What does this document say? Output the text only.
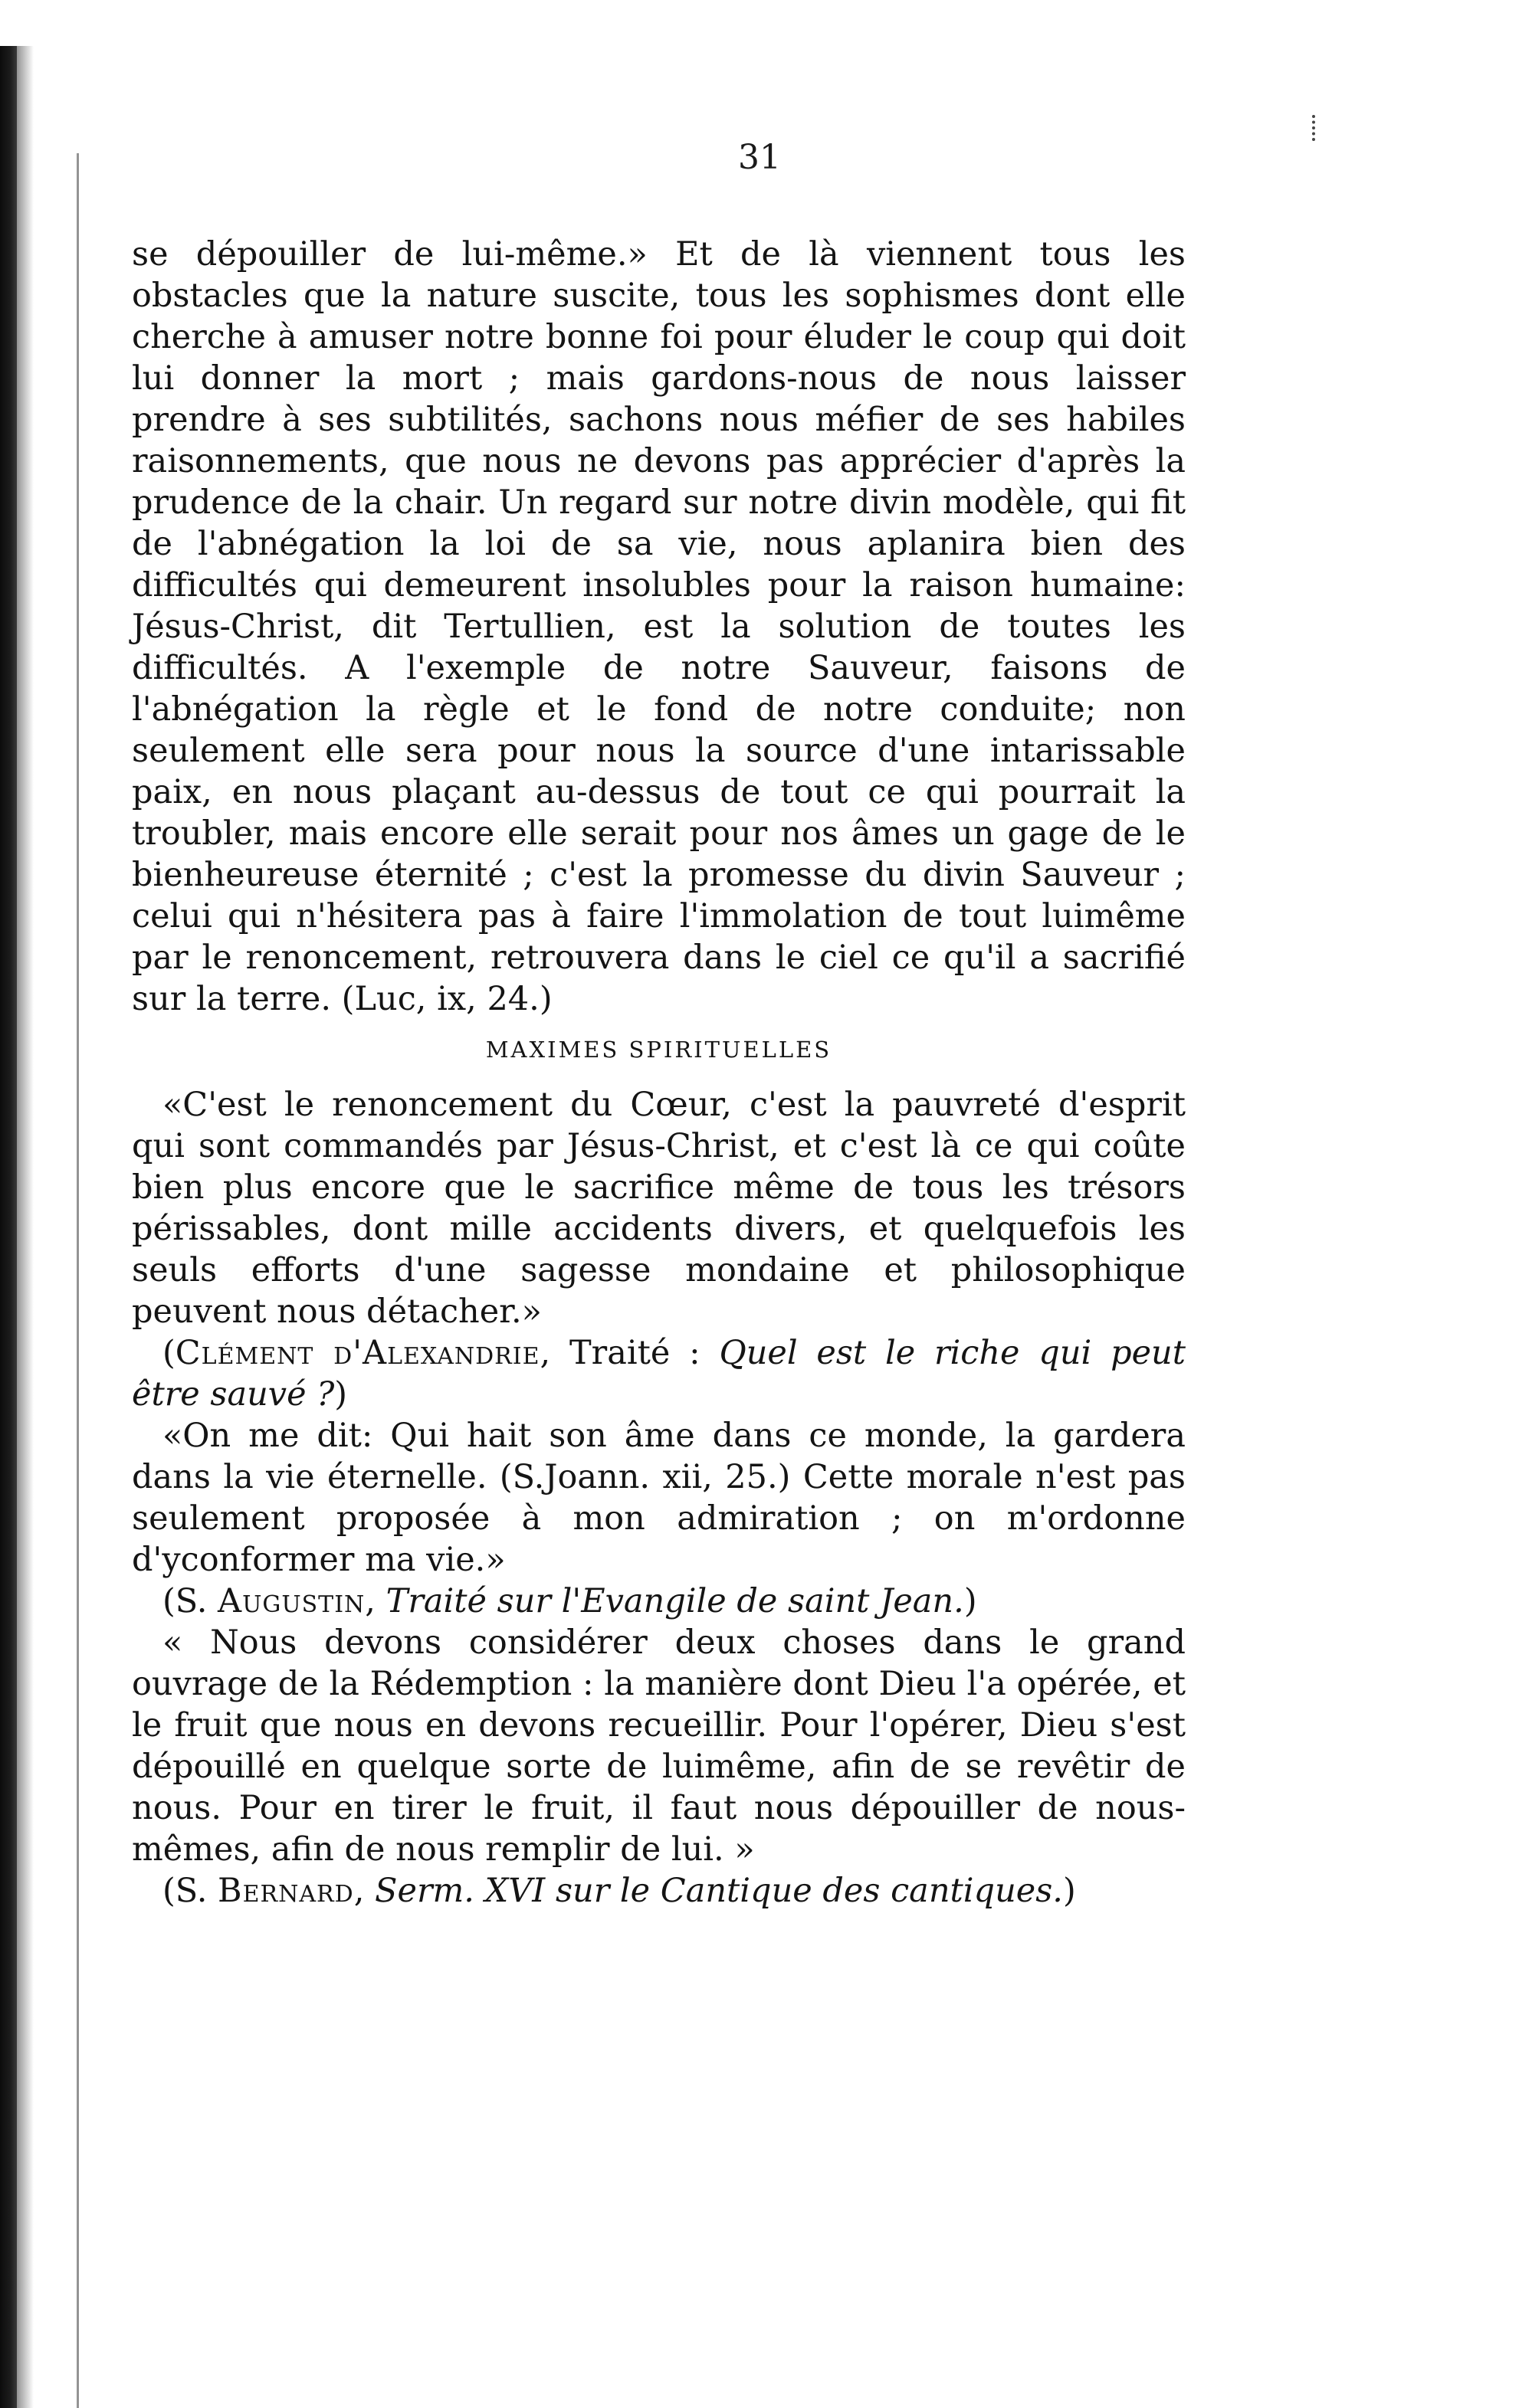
31

se dépouiller de lui-même.» Et de là viennent tous les obstacles que la nature suscite, tous les sophismes dont elle cherche à amuser notre bonne foi pour éluder le coup qui doit lui donner la mort ; mais gardons-nous de nous laisser prendre à ses subtilités, sachons nous méfier de ses habiles raisonnements, que nous ne devons pas apprécier d'après la prudence de la chair. Un regard sur notre divin modèle, qui fit de l'abnégation la loi de sa vie, nous aplanira bien des difficultés qui demeurent insolubles pour la raison humaine: Jésus-Christ, dit Tertullien, est la solution de toutes les difficultés. A l'exemple de notre Sauveur, faisons de l'abnégation la règle et le fond de notre conduite; non seulement elle sera pour nous la source d'une intarissable paix, en nous plaçant au-dessus de tout ce qui pourrait la troubler, mais encore elle serait pour nos âmes un gage de le bienheureuse éternité ; c'est la promesse du divin Sauveur ; celui qui n'hésitera pas à faire l'immolation de tout luimême par le renoncement, retrouvera dans le ciel ce qu'il a sacrifié sur la terre. (Luc, ix, 24.)

MAXIMES SPIRITUELLES

«C'est le renoncement du Cœur, c'est la pauvreté d'esprit qui sont commandés par Jésus-Christ, et c'est là ce qui coûte bien plus encore que le sacrifice même de tous les trésors périssables, dont mille accidents divers, et quelquefois les seuls efforts d'une sagesse mondaine et philosophique peuvent nous détacher.»

(Clément d'Alexandrie, Traité : Quel est le riche qui peut être sauvé ?)

«On me dit: Qui hait son âme dans ce monde, la gardera dans la vie éternelle. (S.Joann. xii, 25.) Cette morale n'est pas seulement proposée à mon admiration ; on m'ordonne d'yconformer ma vie.»

(S. Augustin, Traité sur l'Evangile de saint Jean.)

« Nous devons considérer deux choses dans le grand ouvrage de la Rédemption : la manière dont Dieu l'a opérée, et le fruit que nous en devons recueillir. Pour l'opérer, Dieu s'est dépouillé en quelque sorte de luimême, afin de se revêtir de nous. Pour en tirer le fruit, il faut nous dépouiller de nous-mêmes, afin de nous remplir de lui. »

(S. Bernard, Serm. XVI sur le Cantique des cantiques.)
